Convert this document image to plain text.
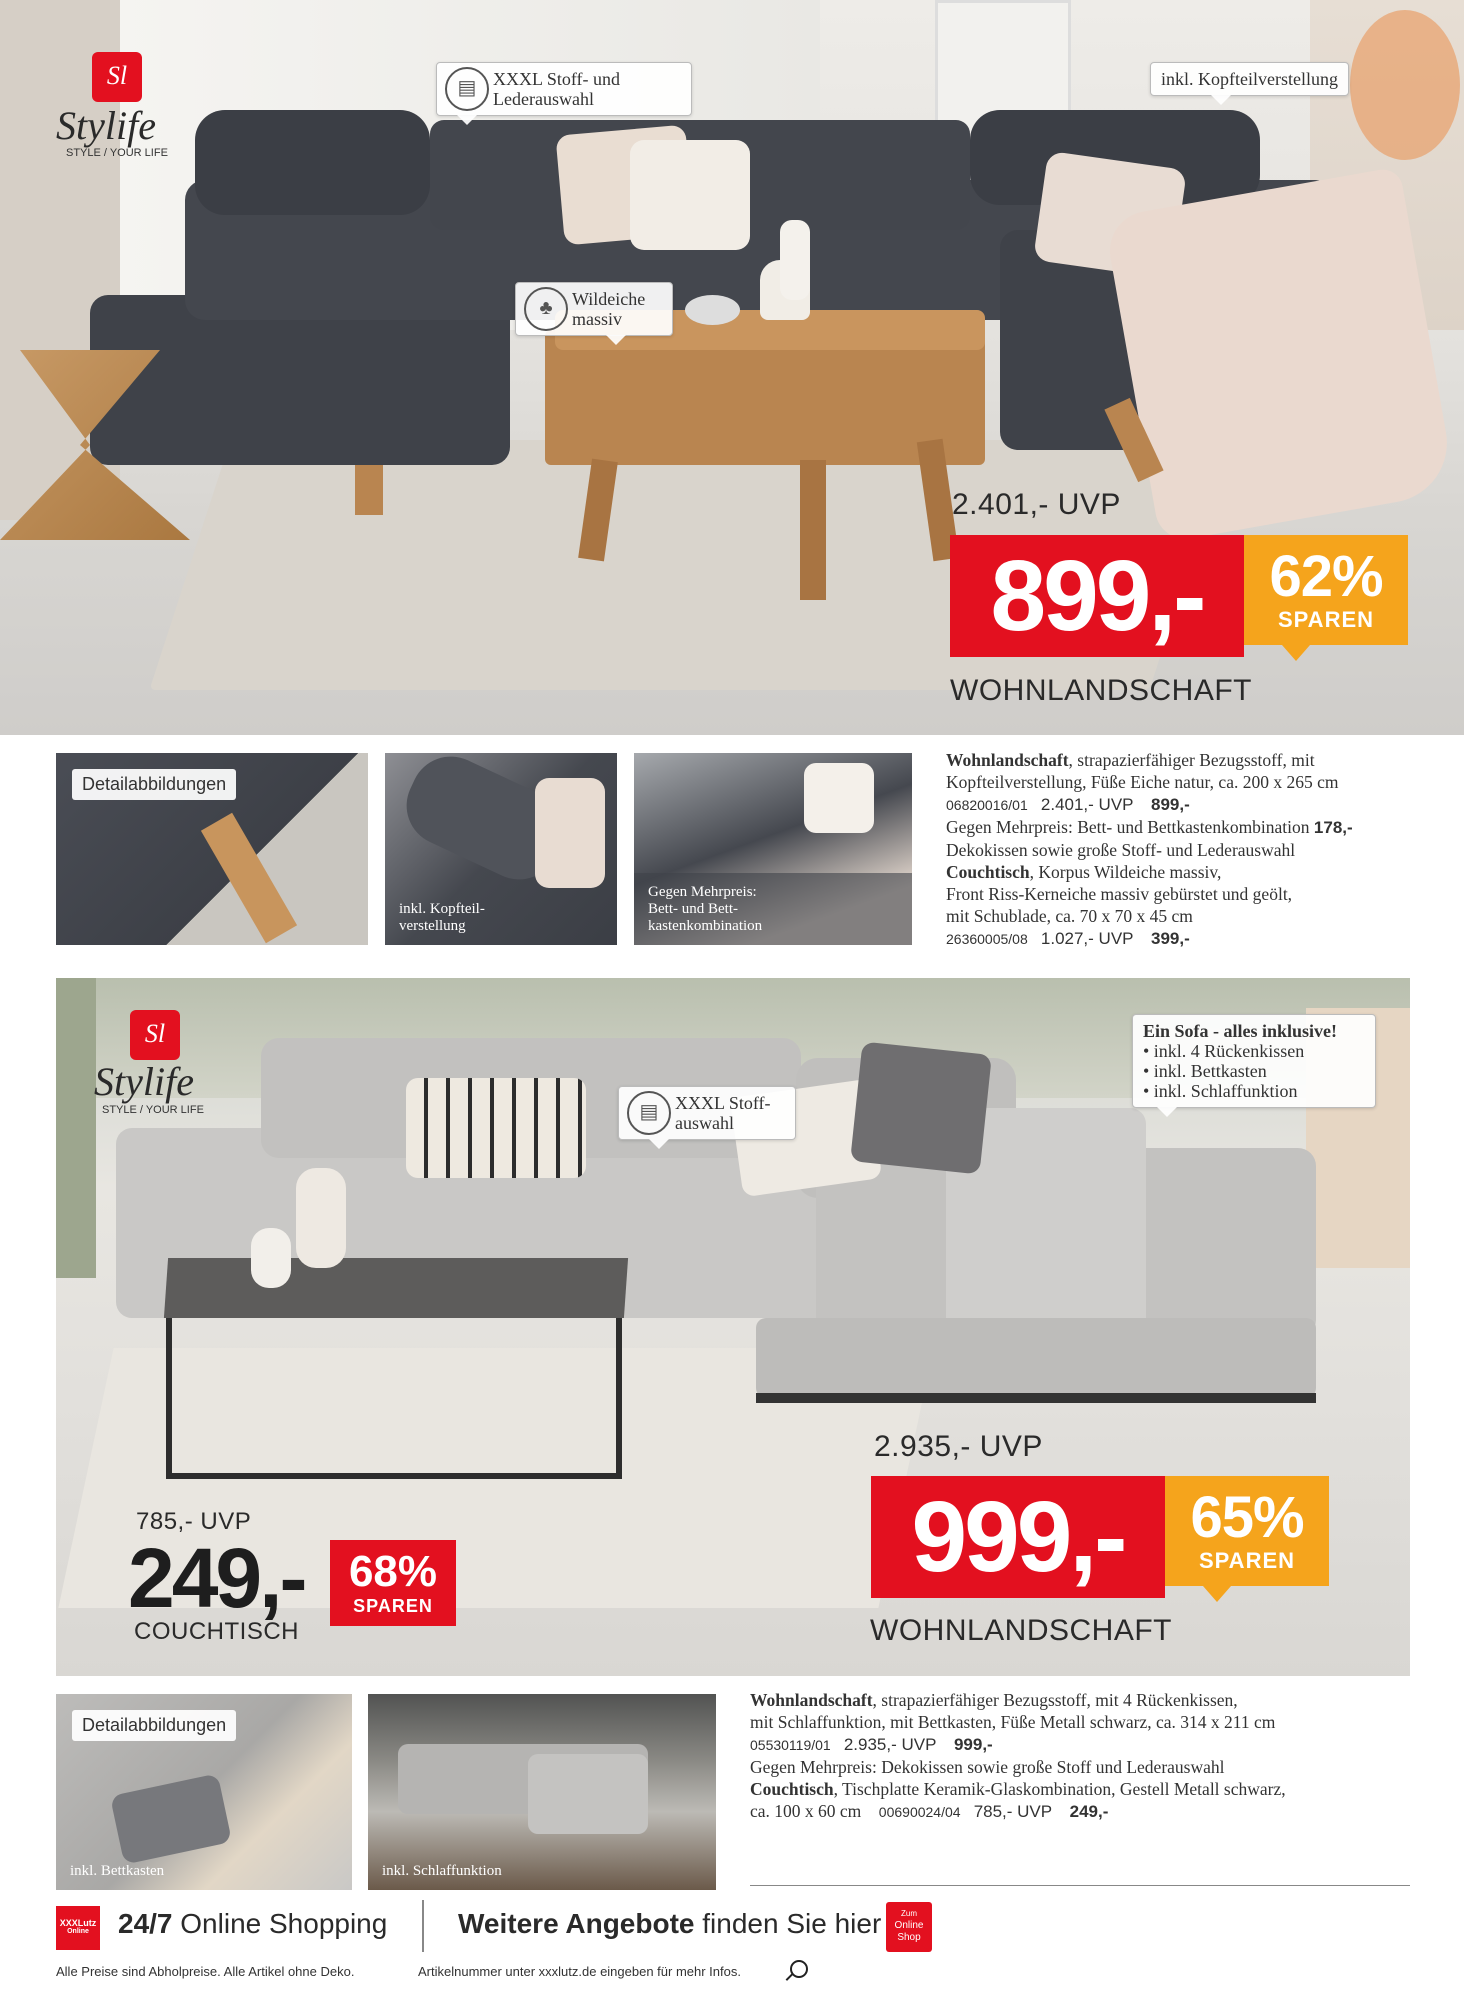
Sl
Stylife
STYLE / YOUR LIFE
▤ XXXL Stoff- und
Lederauswahl
inkl. Kopfteilverstellung
♣	Wildeiche
massiv
2.401,- UVP
899,-	62%
SPAREN
WOHNLANDSCHAFT
Detailabbildungen
inkl. Kopfteil-
verstellung
Gegen Mehrpreis:
Bett- und Bett-
kastenkombination
Wohnlandschaft, strapazierfähiger Bezugsstoff, mit
Kopfteilverstellung, Füße Eiche natur, ca. 200 x 265 cm
06820016/01 2.401,- UVP 899,-
Gegen Mehrpreis: Bett- und Bettkastenkombination 178,-
Dekokissen sowie große Stoff- und Lederauswahl
Couchtisch, Korpus Wildeiche massiv,
Front Riss-Kerneiche massiv gebürstet und geölt,
mit Schublade, ca. 70 x 70 x 45 cm
26360005/08 1.027,- UVP 399,-
Sl
Stylife
STYLE / YOUR LIFE	▤ XXXL Stoff-
auswahl
Ein Sofa - alles inklusive!
• inkl. 4 Rückenkissen
• inkl. Bettkasten
• inkl. Schlaffunktion
785,- UVP
249,-	68%
SPAREN
COUCHTISCH
2.935,- UVP
999,-	65%
SPAREN
WOHNLANDSCHAFT
Detailabbildungen
inkl. Bettkasten	inkl. Schlaffunktion
Wohnlandschaft, strapazierfähiger Bezugsstoff, mit 4 Rückenkissen,
mit Schlaffunktion, mit Bettkasten, Füße Metall schwarz, ca. 314 x 211 cm
05530119/01 2.935,- UVP 999,-
Gegen Mehrpreis: Dekokissen sowie große Stoff und Lederauswahl
Couchtisch, Tischplatte Keramik-Glaskombination, Gestell Metall schwarz,
ca. 100 x 60 cm 00690024/04 785,- UVP 249,-
XXXLutz
Online	24/7 Online Shopping	Weitere Angebote finden Sie hier	Zum
Online
Shop
Alle Preise sind Abholpreise. Alle Artikel ohne Deko.	Artikelnummer unter xxxlutz.de eingeben für mehr Infos.
